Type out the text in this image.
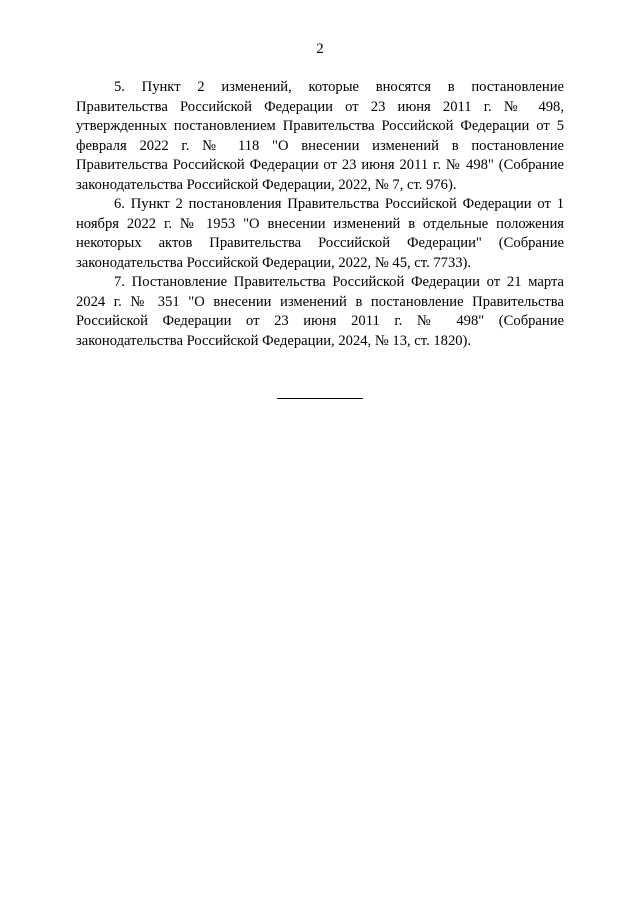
2

5. Пункт 2 изменений, которые вносятся в постановление Правительства Российской Федерации от 23 июня 2011 г. № 498, утвержденных постановлением Правительства Российской Федерации от 5 февраля 2022 г. № 118 "О внесении изменений в постановление Правительства Российской Федерации от 23 июня 2011 г. № 498" (Собрание законодательства Российской Федерации, 2022, № 7, ст. 976).

6. Пункт 2 постановления Правительства Российской Федерации от 1 ноября 2022 г. № 1953 "О внесении изменений в отдельные положения некоторых актов Правительства Российской Федерации" (Собрание законодательства Российской Федерации, 2022, № 45, ст. 7733).

7. Постановление Правительства Российской Федерации от 21 марта 2024 г. № 351 "О внесении изменений в постановление Правительства Российской Федерации от 23 июня 2011 г. № 498" (Собрание законодательства Российской Федерации, 2024, № 13, ст. 1820).
